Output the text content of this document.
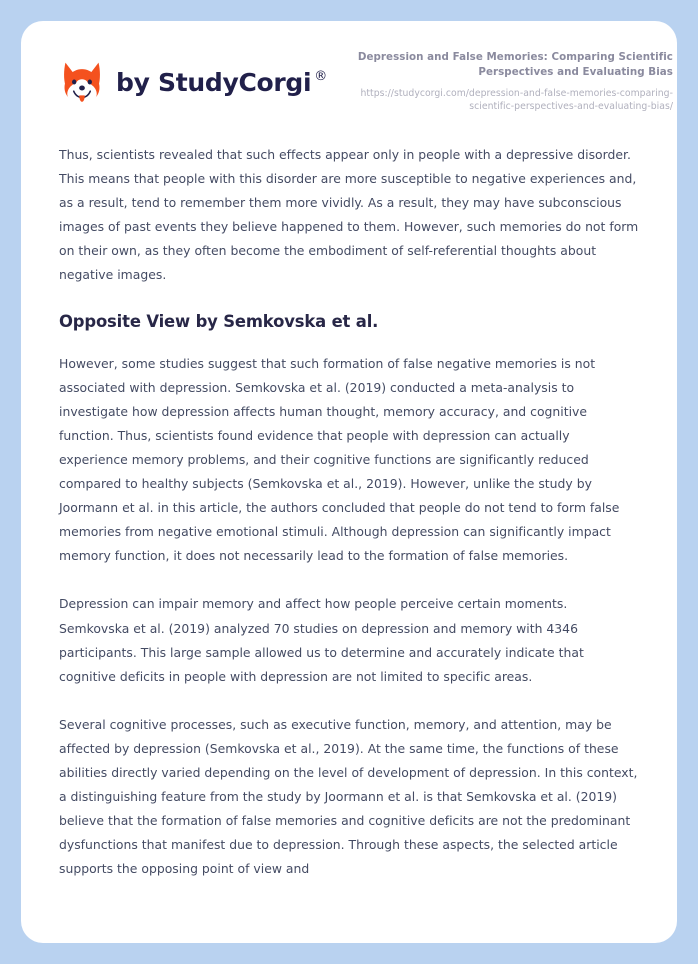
by StudyCorgi ®
Depression and False Memories: Comparing Scientific Perspectives and Evaluating Bias
https://studycorgi.com/depression-and-false-memories-comparing-scientific-perspectives-and-evaluating-bias/

Thus, scientists revealed that such effects appear only in people with a depressive disorder. This means that people with this disorder are more susceptible to negative experiences and, as a result, tend to remember them more vividly. As a result, they may have subconscious images of past events they believe happened to them. However, such memories do not form on their own, as they often become the embodiment of self-referential thoughts about negative images.

Opposite View by Semkovska et al.

However, some studies suggest that such formation of false negative memories is not associated with depression. Semkovska et al. (2019) conducted a meta-analysis to investigate how depression affects human thought, memory accuracy, and cognitive function. Thus, scientists found evidence that people with depression can actually experience memory problems, and their cognitive functions are significantly reduced compared to healthy subjects (Semkovska et al., 2019). However, unlike the study by Joormann et al. in this article, the authors concluded that people do not tend to form false memories from negative emotional stimuli. Although depression can significantly impact memory function, it does not necessarily lead to the formation of false memories.

Depression can impair memory and affect how people perceive certain moments. Semkovska et al. (2019) analyzed 70 studies on depression and memory with 4346 participants. This large sample allowed us to determine and accurately indicate that cognitive deficits in people with depression are not limited to specific areas.

Several cognitive processes, such as executive function, memory, and attention, may be affected by depression (Semkovska et al., 2019). At the same time, the functions of these abilities directly varied depending on the level of development of depression. In this context, a distinguishing feature from the study by Joormann et al. is that Semkovska et al. (2019) believe that the formation of false memories and cognitive deficits are not the predominant dysfunctions that manifest due to depression. Through these aspects, the selected article supports the opposing point of view and
